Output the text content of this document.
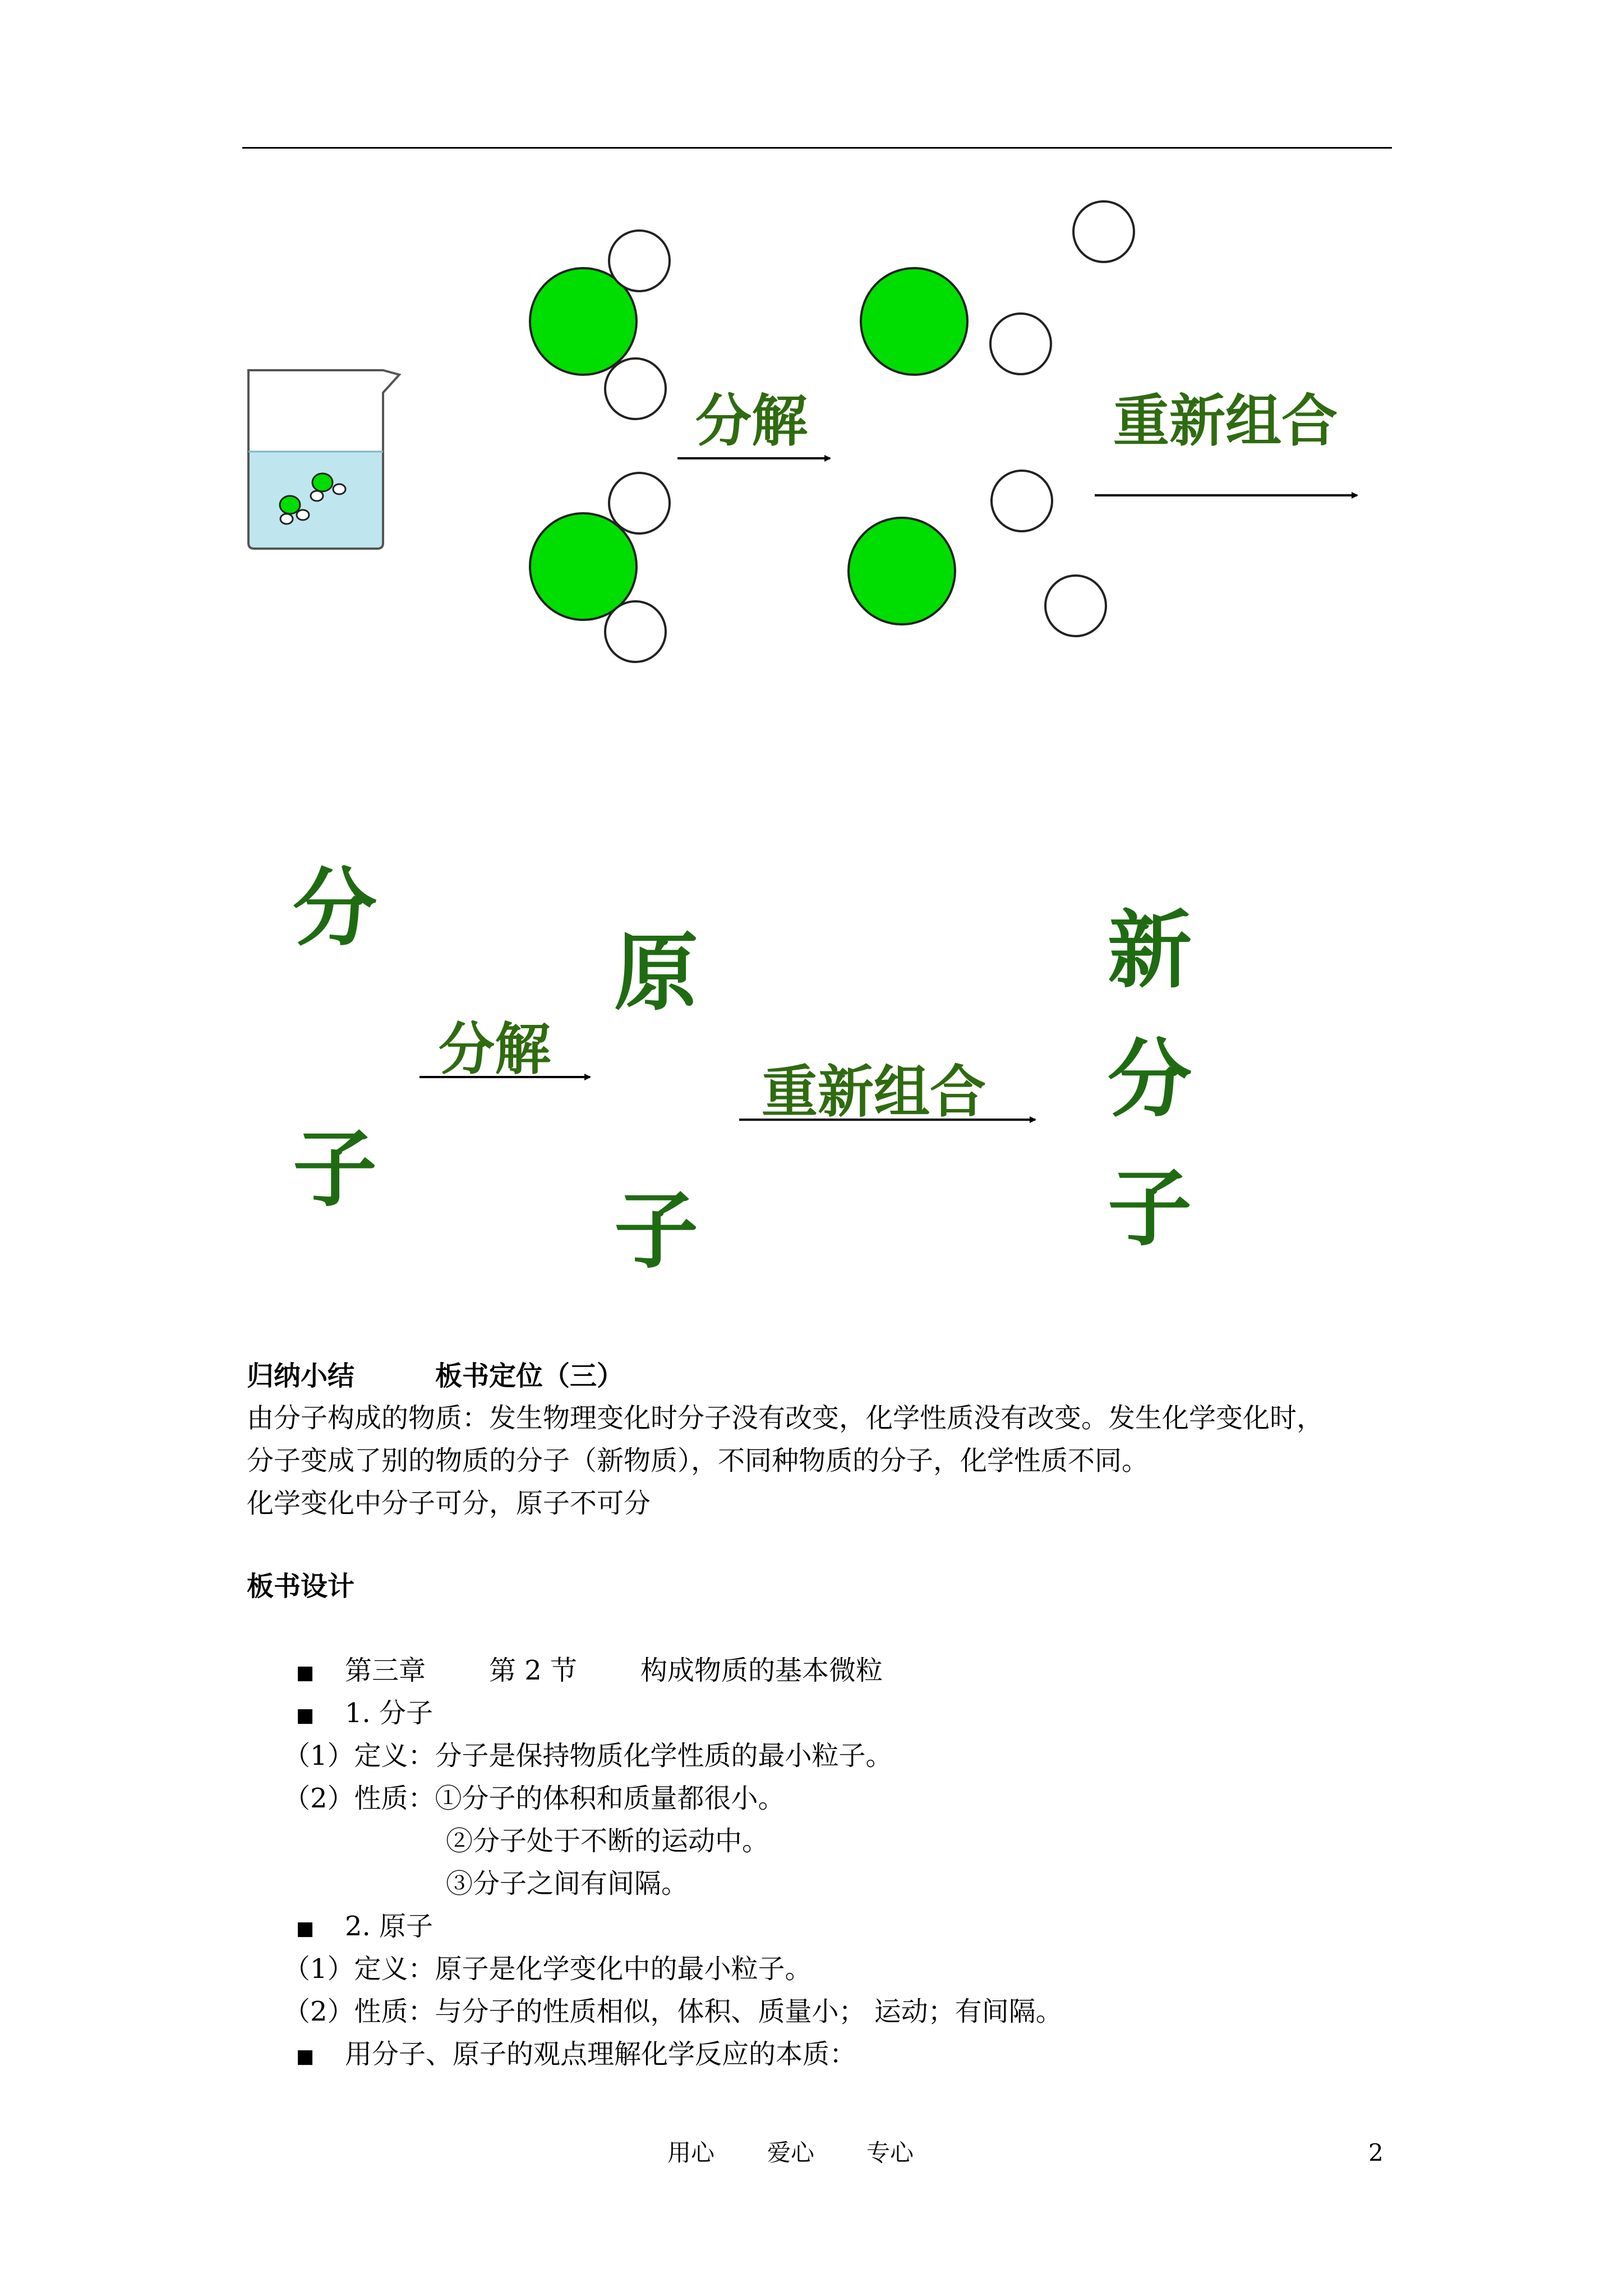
分解	重新组合
分
子
分解
原
子
重新组合
新
分
子
归纳小结	板书定位（三）
由分子构成的物质：发生物理变化时分子没有改变，化学性质没有改变。发生化学变化时，
分子变成了别的物质的分子（新物质），不同种物质的分子，化学性质不同。
化学变化中分子可分，原子不可分
板书设计
■ 第三章 第 2 节 构成物质的基本微粒
■ 1. 分子
（1）定义：分子是保持物质化学性质的最小粒子。
（2）性质：①分子的体积和质量都很小。
②分子处于不断的运动中。
③分子之间有间隔。
■ 2. 原子
（1）定义：原子是化学变化中的最小粒子。
（2）性质：与分子的性质相似，体积、质量小； 运动；有间隔。
■ 用分子、原子的观点理解化学反应的本质：
用心 爱心 专心	2
